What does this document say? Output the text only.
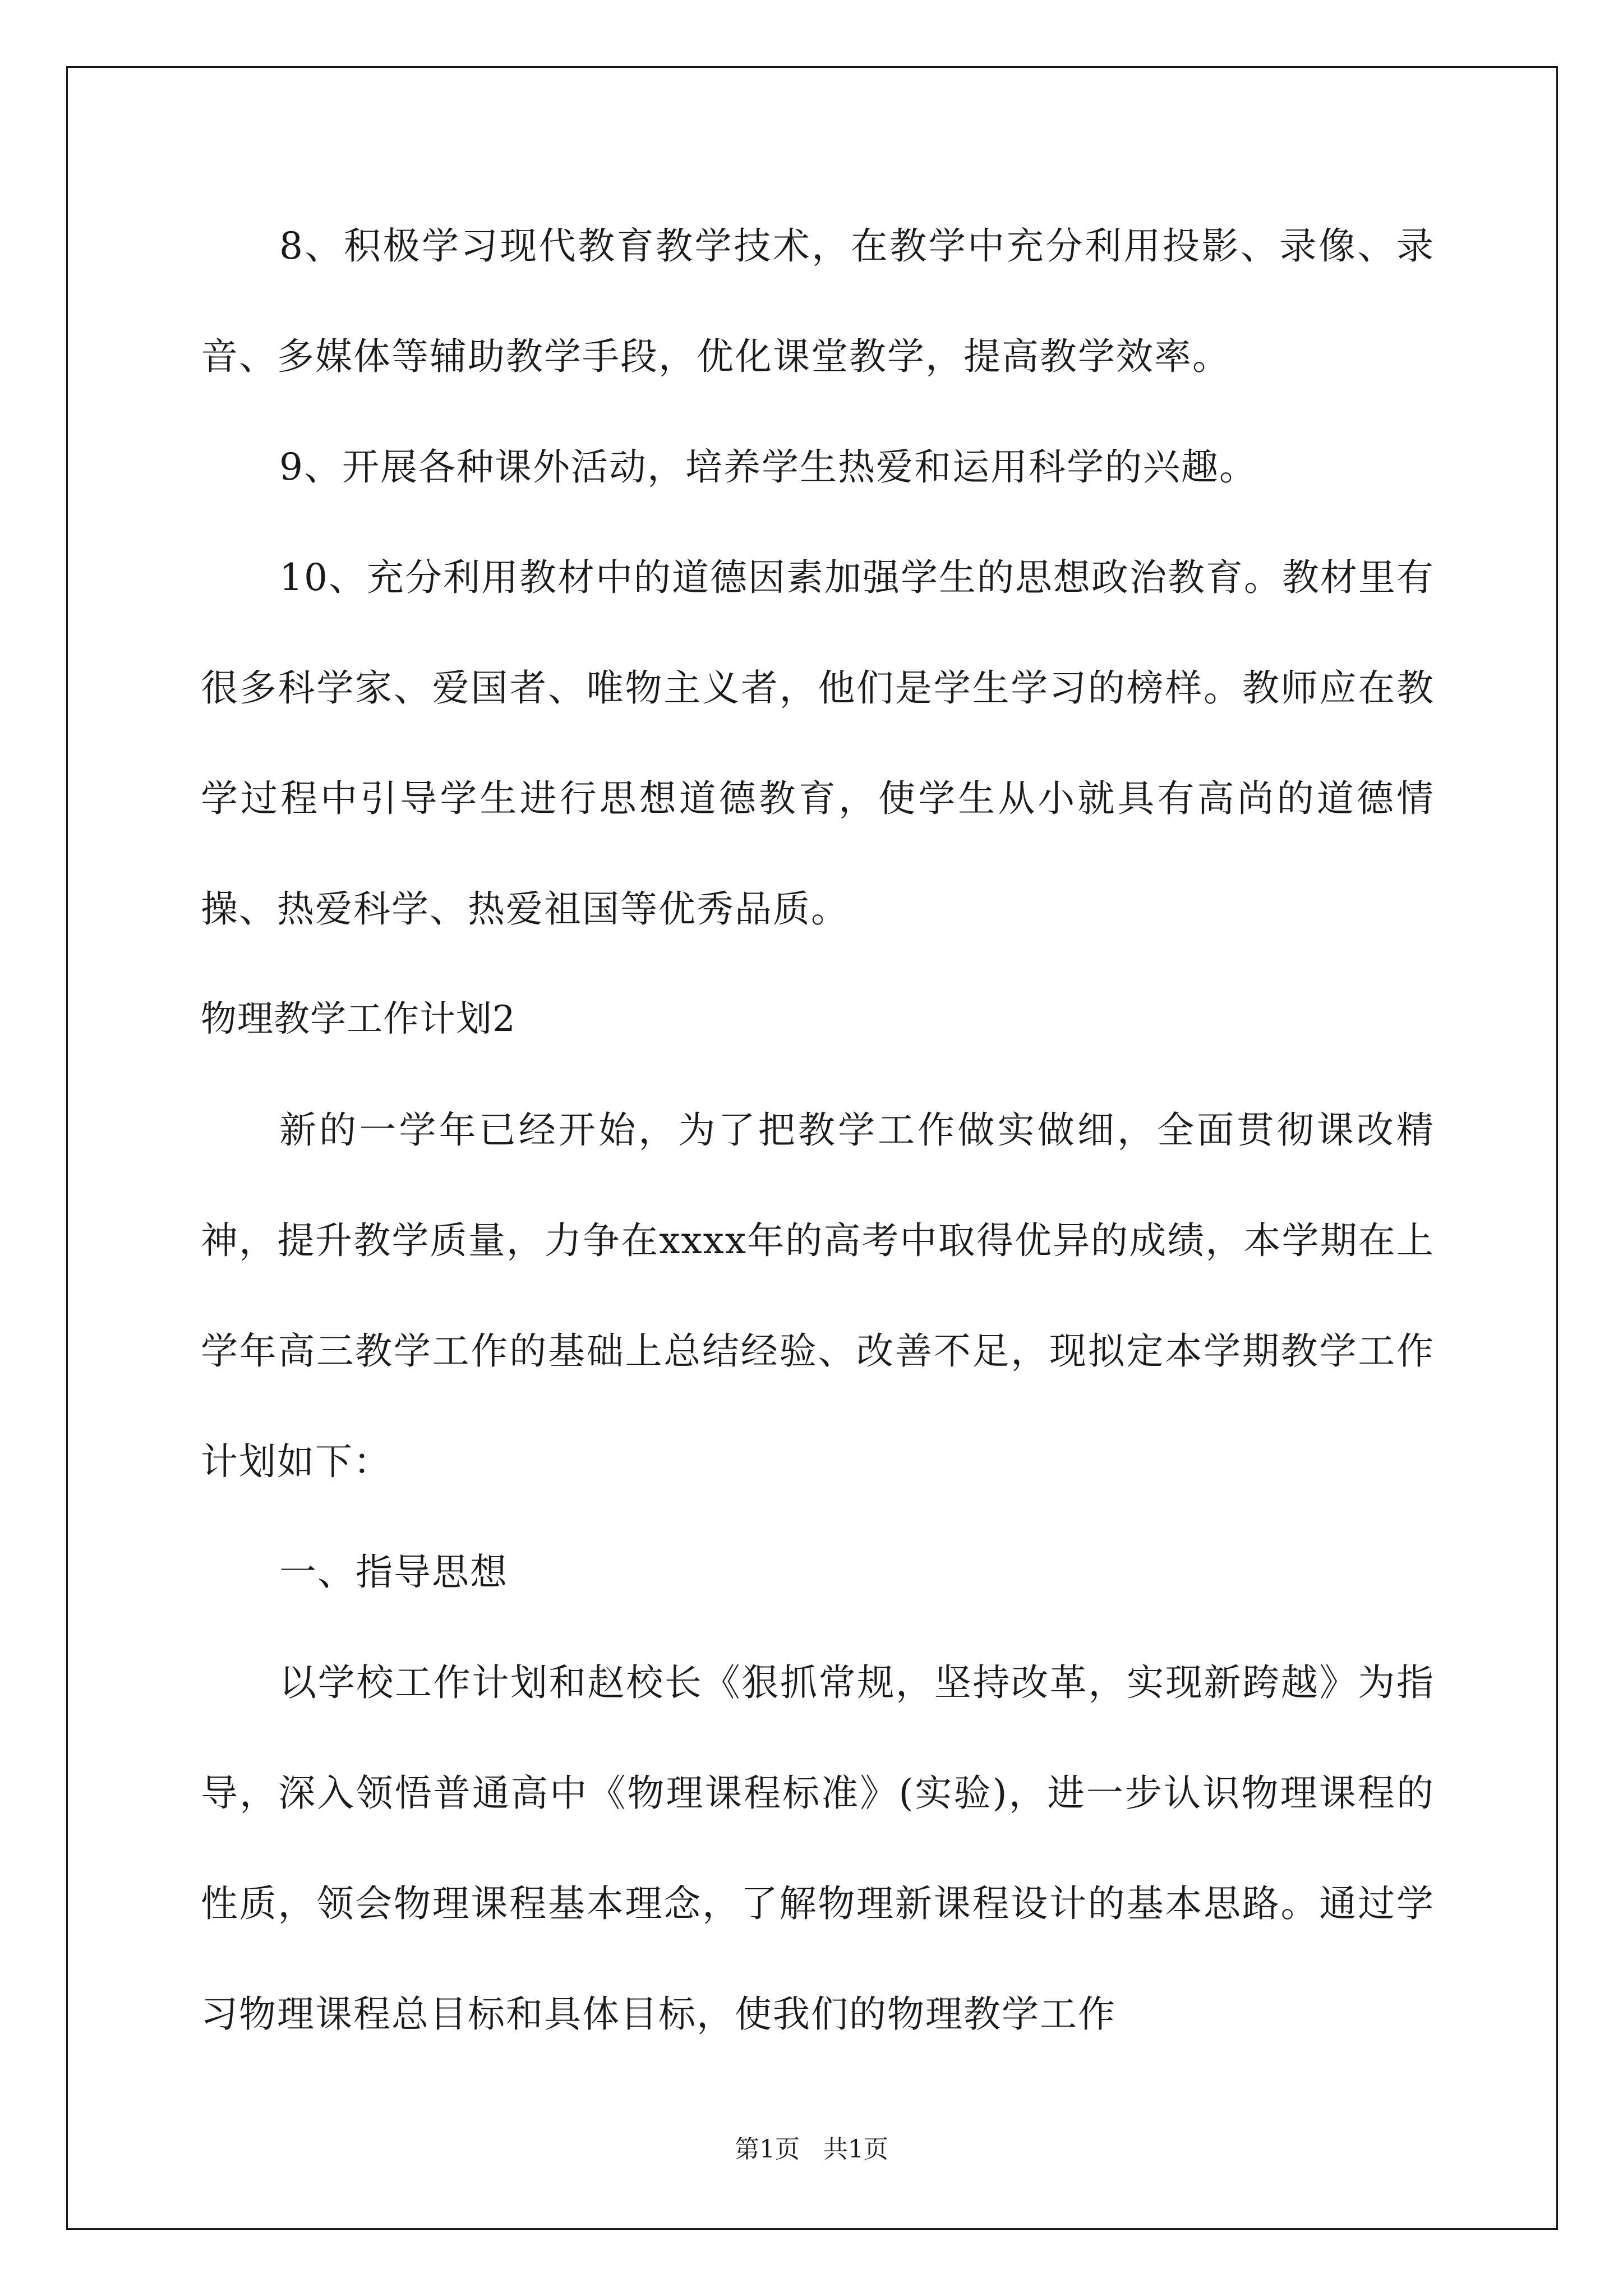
8、积极学习现代教育教学技术，在教学中充分利用投影、录像、录音、多媒体等辅助教学手段，优化课堂教学，提高教学效率。

9、开展各种课外活动，培养学生热爱和运用科学的兴趣。

10、充分利用教材中的道德因素加强学生的思想政治教育。教材里有很多科学家、爱国者、唯物主义者，他们是学生学习的榜样。教师应在教学过程中引导学生进行思想道德教育，使学生从小就具有高尚的道德情操、热爱科学、热爱祖国等优秀品质。

物理教学工作计划2

新的一学年已经开始，为了把教学工作做实做细，全面贯彻课改精神，提升教学质量，力争在xxxx年的高考中取得优异的成绩，本学期在上学年高三教学工作的基础上总结经验、改善不足，现拟定本学期教学工作计划如下：

一、指导思想

以学校工作计划和赵校长《狠抓常规，坚持改革，实现新跨越》为指导，深入领悟普通高中《物理课程标准》(实验)，进一步认识物理课程的性质，领会物理课程基本理念，了解物理新课程设计的基本思路。通过学习物理课程总目标和具体目标，使我们的物理教学工作

第1页 共1页
